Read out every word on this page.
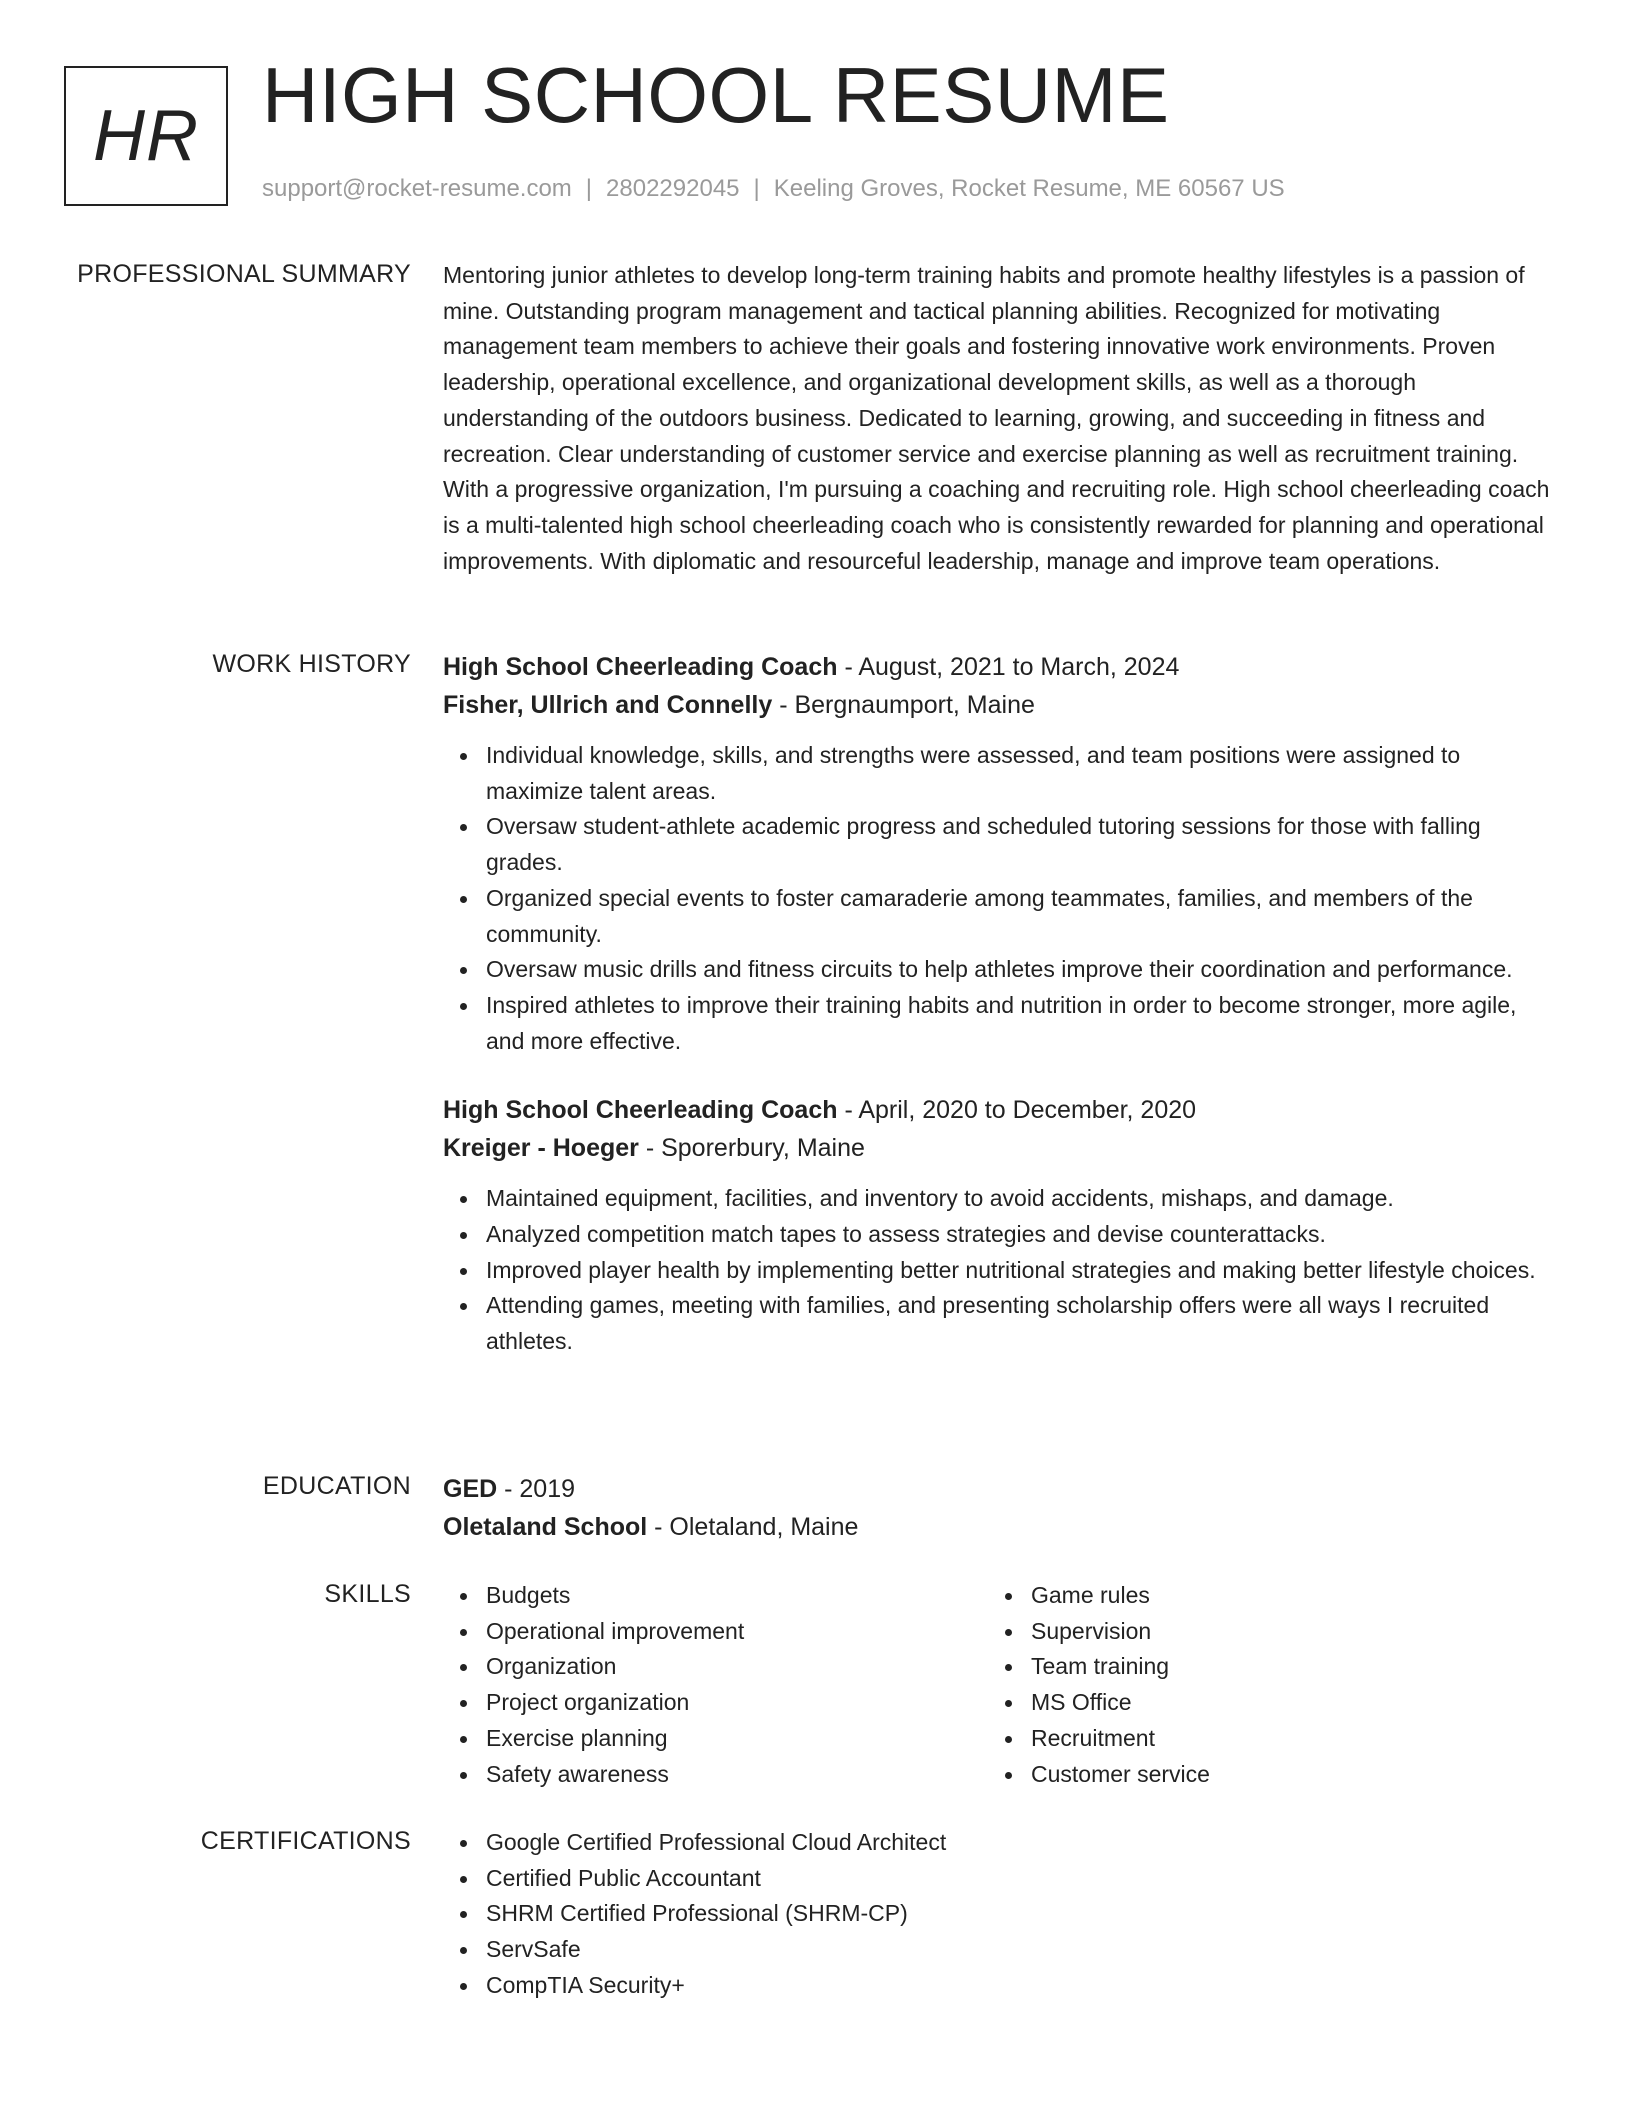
HR HIGH SCHOOL RESUME
support@rocket-resume.com | 2802292045 | Keeling Groves, Rocket Resume, ME 60567 US
PROFESSIONAL SUMMARY Mentoring junior athletes to develop long-term training habits and promote healthy lifestyles is a passion of mine. Outstanding program management and tactical planning abilities. Recognized for motivating management team members to achieve their goals and fostering innovative work environments. Proven leadership, operational excellence, and organizational development skills, as well as a thorough understanding of the outdoors business. Dedicated to learning, growing, and succeeding in fitness and recreation. Clear understanding of customer service and exercise planning as well as recruitment training. With a progressive organization, I'm pursuing a coaching and recruiting role. High school cheerleading coach is a multi-talented high school cheerleading coach who is consistently rewarded for planning and operational improvements. With diplomatic and resourceful leadership, manage and improve team operations.

WORK HISTORY High School Cheerleading Coach - August, 2021 to March, 2024
Fisher, Ullrich and Connelly - Bergnaumport, Maine
Individual knowledge, skills, and strengths were assessed, and team positions were assigned to maximize talent areas.
Oversaw student-athlete academic progress and scheduled tutoring sessions for those with falling grades.
Organized special events to foster camaraderie among teammates, families, and members of the community.
Oversaw music drills and fitness circuits to help athletes improve their coordination and performance.
Inspired athletes to improve their training habits and nutrition in order to become stronger, more agile, and more effective.
High School Cheerleading Coach - April, 2020 to December, 2020
Kreiger - Hoeger - Sporerbury, Maine
Maintained equipment, facilities, and inventory to avoid accidents, mishaps, and damage.
Analyzed competition match tapes to assess strategies and devise counterattacks.
Improved player health by implementing better nutritional strategies and making better lifestyle choices.
Attending games, meeting with families, and presenting scholarship offers were all ways I recruited athletes.
EDUCATION GED - 2019
Oletaland School - Oletaland, Maine
SKILLS	Budgets
Operational improvement
Organization
Project organization
Exercise planning
Safety awareness
Game rules
Supervision
Team training
MS Office
Recruitment
Customer service
CERTIFICATIONS	Google Certified Professional Cloud Architect
Certified Public Accountant
SHRM Certified Professional (SHRM-CP)
ServSafe
CompTIA Security+
